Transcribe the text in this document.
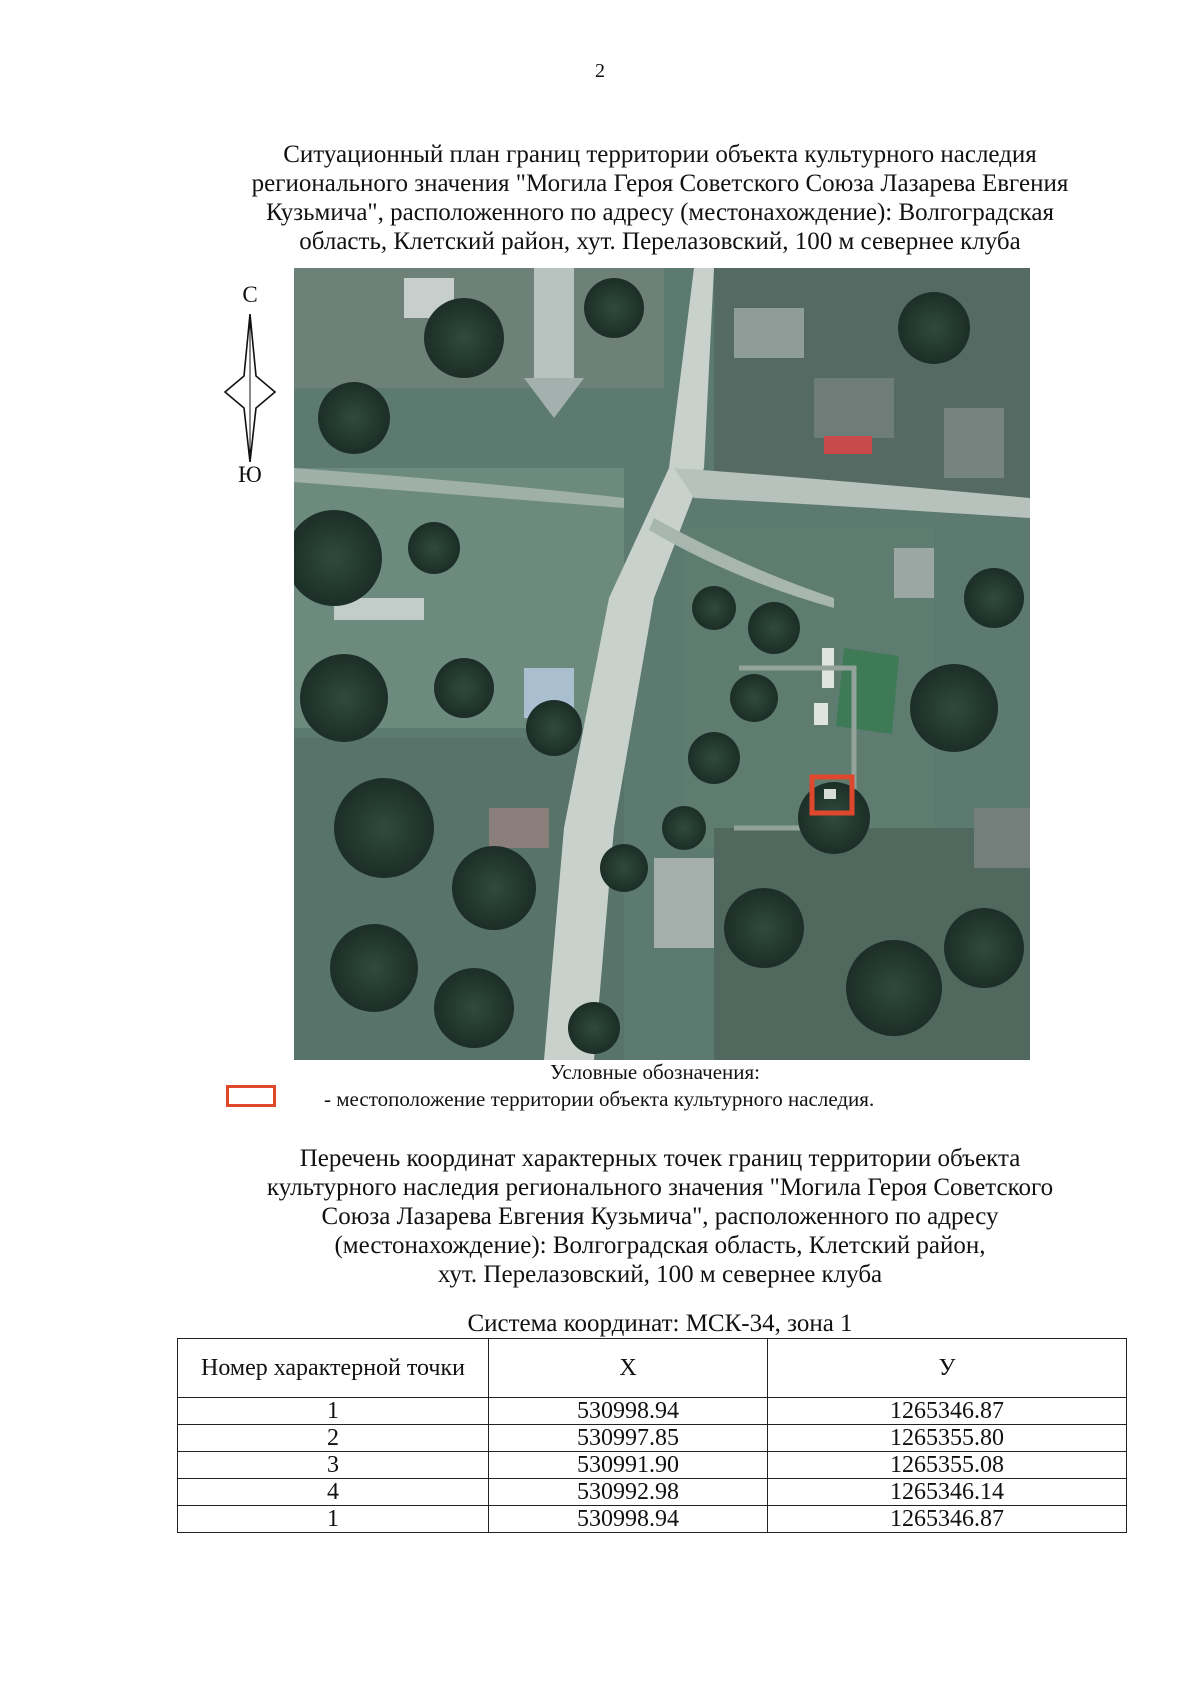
2
Ситуационный план границ территории объекта культурного наследия
регионального значения "Могила Героя Советского Союза Лазарева Евгения
Кузьмича", расположенного по адресу (местонахождение): Волгоградская
область, Клетский район, хут. Перелазовский, 100 м севернее клуба
С
Ю
Условные обозначения:
- местоположение территории объекта культурного наследия.
Перечень координат характерных точек границ территории объекта
культурного наследия регионального значения "Могила Героя Советского
Союза Лазарева Евгения Кузьмича", расположенного по адресу
(местонахождение): Волгоградская область, Клетский район,
хут. Перелазовский, 100 м севернее клуба
Система координат: МСК-34, зона 1
Номер характерной точки	X	У
1	530998.94	1265346.87
2	530997.85	1265355.80
3	530991.90	1265355.08
4	530992.98	1265346.14
1	530998.94	1265346.87
